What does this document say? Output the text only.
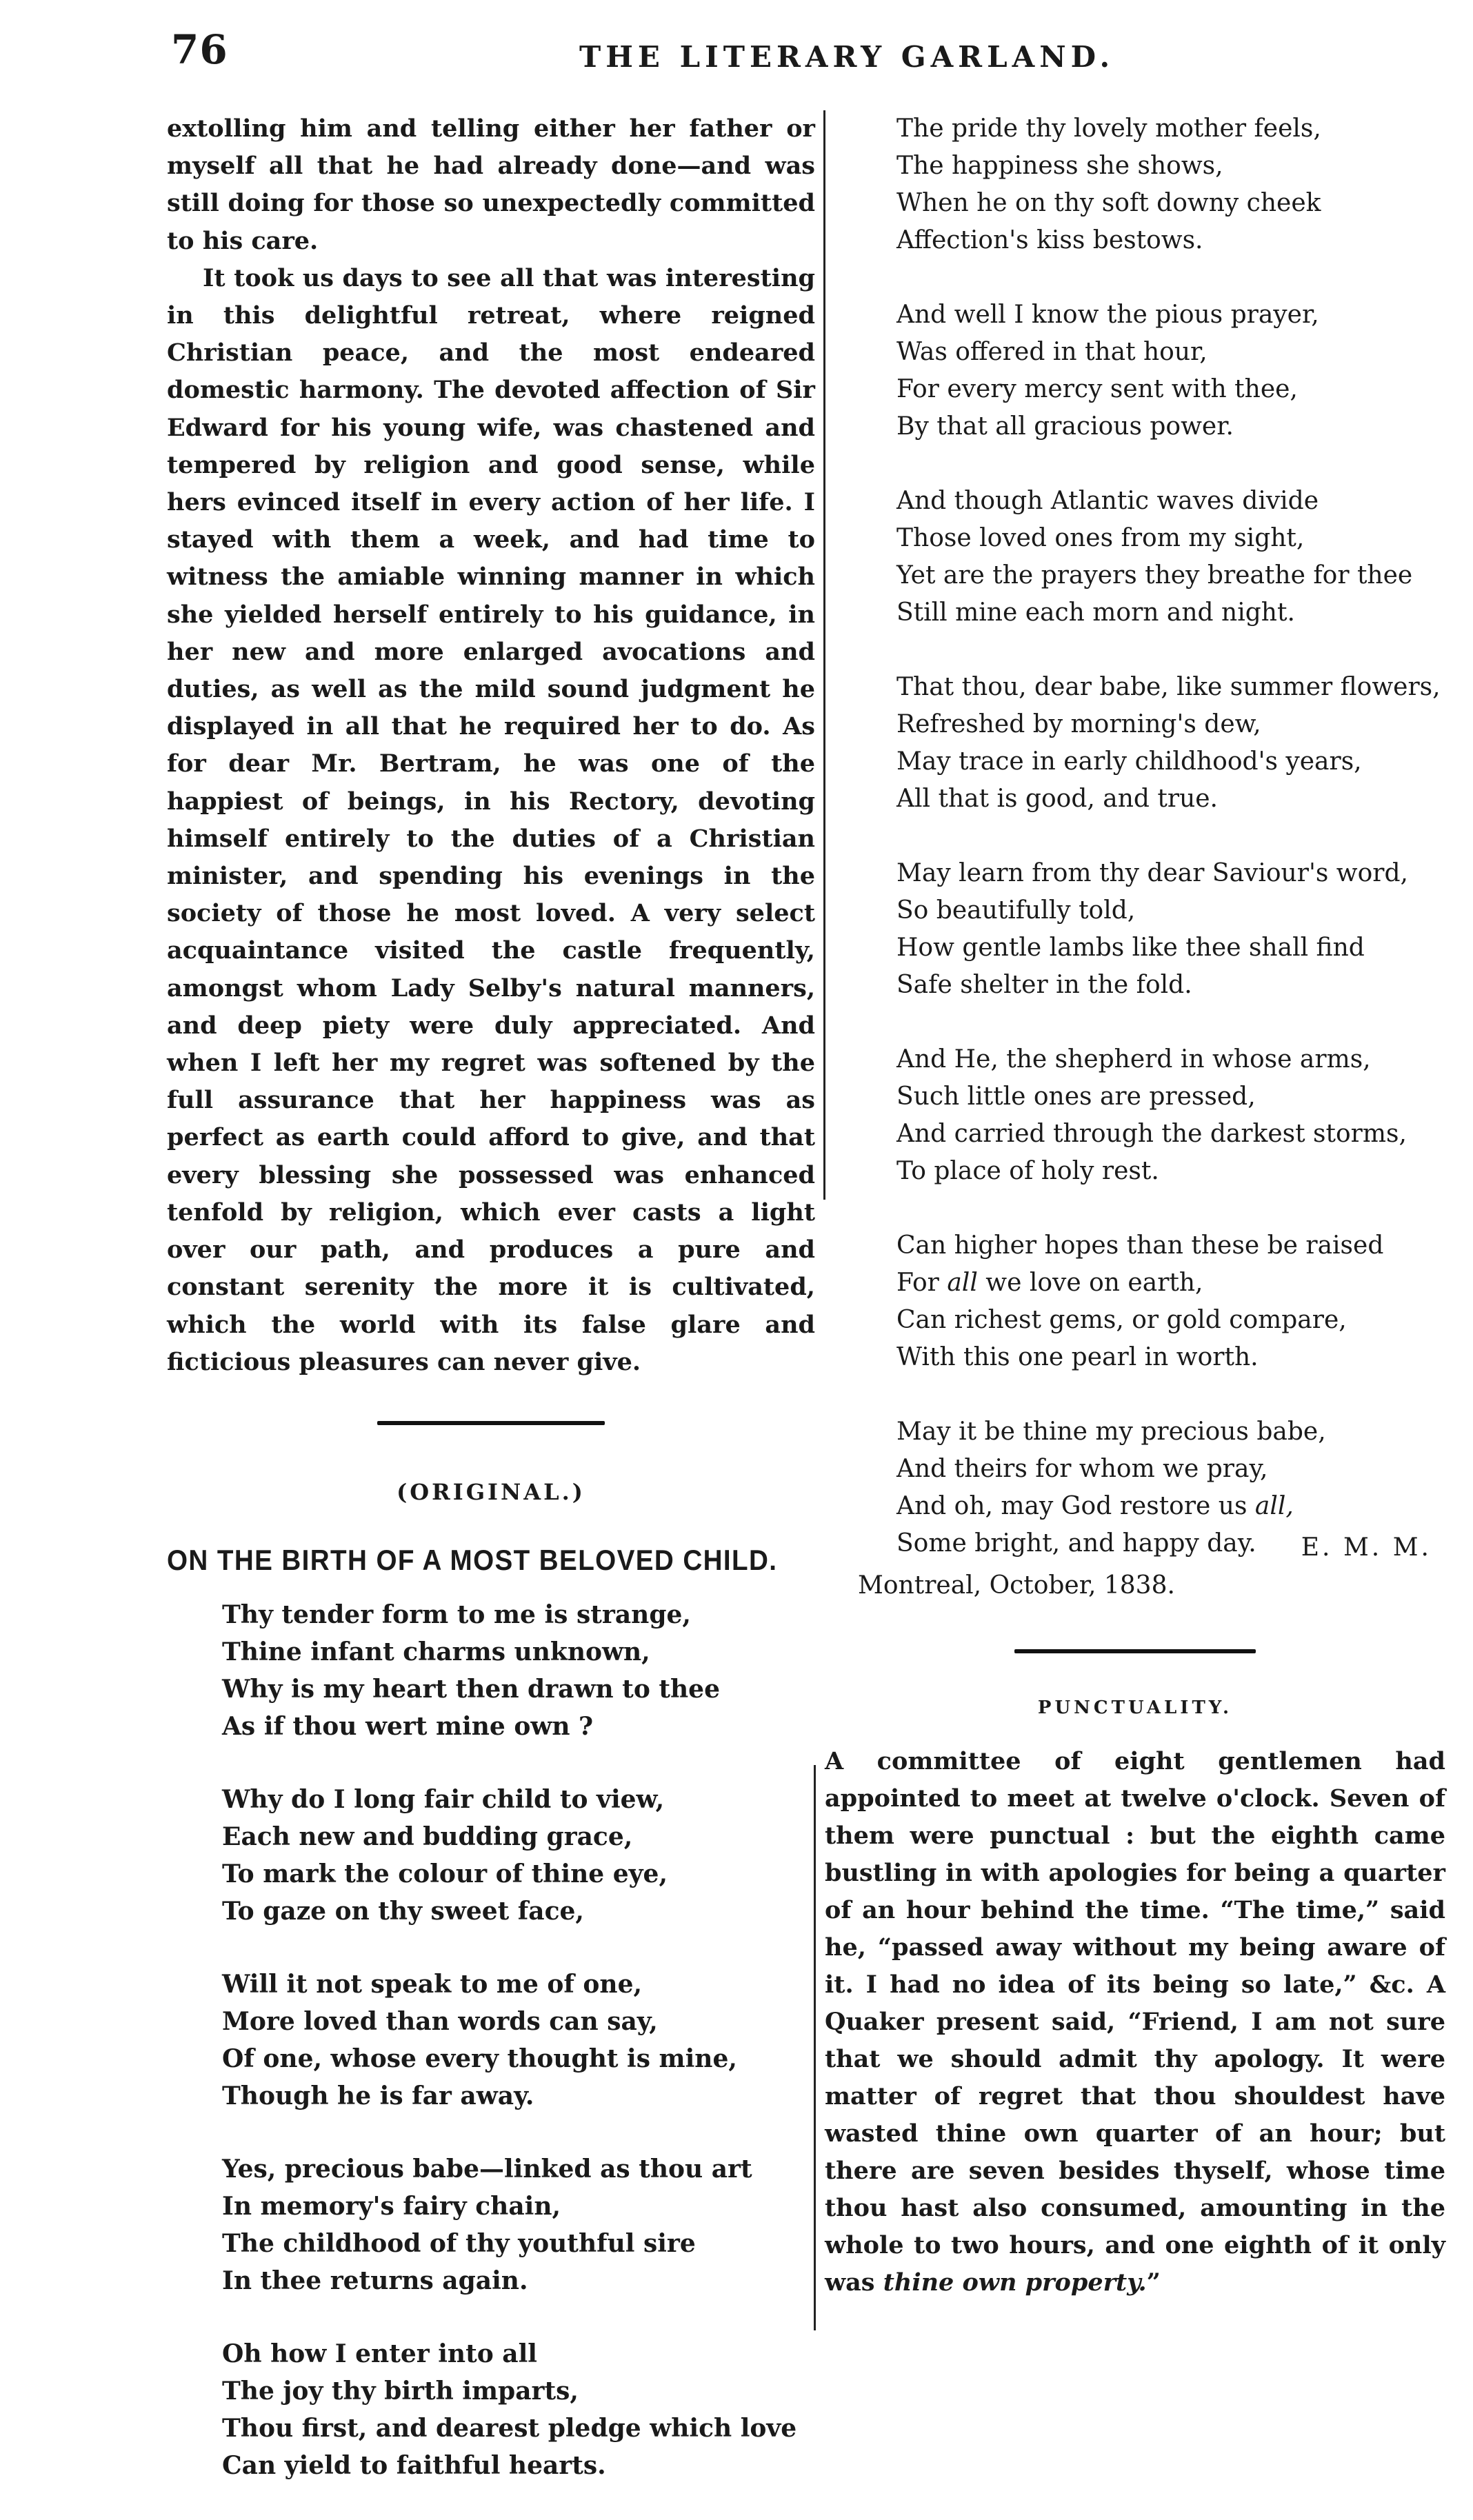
76	THE LITERARY GARLAND.

extolling him and telling either her father or myself all that he had already done—and was still doing for those so unexpectedly committed to his care.

It took us days to see all that was interesting in this delightful retreat, where reigned Christian peace, and the most endeared domestic harmony. The devoted affection of Sir Edward for his young wife, was chastened and tempered by religion and good sense, while hers evinced itself in every action of her life. I stayed with them a week, and had time to witness the amiable winning manner in which she yielded herself entirely to his guidance, in her new and more enlarged avocations and duties, as well as the mild sound judgment he displayed in all that he required her to do. As for dear Mr. Bertram, he was one of the happiest of beings, in his Rectory, devoting himself entirely to the duties of a Christian minister, and spending his evenings in the society of those he most loved. A very select acquaintance visited the castle frequently, amongst whom Lady Selby's natural manners, and deep piety were duly appreciated. And when I left her my regret was softened by the full assurance that her happiness was as perfect as earth could afford to give, and that every blessing she possessed was enhanced tenfold by religion, which ever casts a light over our path, and produces a pure and constant serenity the more it is cultivated, which the world with its false glare and ficticious pleasures can never give.

(ORIGINAL.)
ON THE BIRTH OF A MOST BELOVED CHILD.
Thy tender form to me is strange,
Thine infant charms unknown,
Why is my heart then drawn to thee
As if thou wert mine own ?
Why do I long fair child to view,
Each new and budding grace,
To mark the colour of thine eye,
To gaze on thy sweet face,
Will it not speak to me of one,
More loved than words can say,
Of one, whose every thought is mine,
Though he is far away.
Yes, precious babe—linked as thou art
In memory's fairy chain,
The childhood of thy youthful sire
In thee returns again.
Oh how I enter into all
The joy thy birth imparts,
Thou first, and dearest pledge which love
Can yield to faithful hearts.
The pride thy lovely mother feels,
The happiness she shows,
When he on thy soft downy cheek
Affection's kiss bestows.
And well I know the pious prayer,
Was offered in that hour,
For every mercy sent with thee,
By that all gracious power.
And though Atlantic waves divide
Those loved ones from my sight,
Yet are the prayers they breathe for thee
Still mine each morn and night.
That thou, dear babe, like summer flowers,
Refreshed by morning's dew,
May trace in early childhood's years,
All that is good, and true.
May learn from thy dear Saviour's word,
So beautifully told,
How gentle lambs like thee shall find
Safe shelter in the fold.
And He, the shepherd in whose arms,
Such little ones are pressed,
And carried through the darkest storms,
To place of holy rest.
Can higher hopes than these be raised
For all we love on earth,
Can richest gems, or gold compare,
With this one pearl in worth.
May it be thine my precious babe,
And theirs for whom we pray,
And oh, may God restore us all,
Some bright, and happy day.	E. M. M.
Montreal, October, 1838.
PUNCTUALITY.

A committee of eight gentlemen had appointed to meet at twelve o'clock. Seven of them were punctual : but the eighth came bustling in with apologies for being a quarter of an hour behind the time. “The time,” said he, “passed away without my being aware of it. I had no idea of its being so late,” &c. A Quaker present said, “Friend, I am not sure that we should admit thy apology. It were matter of regret that thou shouldest have wasted thine own quarter of an hour; but there are seven besides thyself, whose time thou hast also consumed, amounting in the whole to two hours, and one eighth of it only was thine own property.”
